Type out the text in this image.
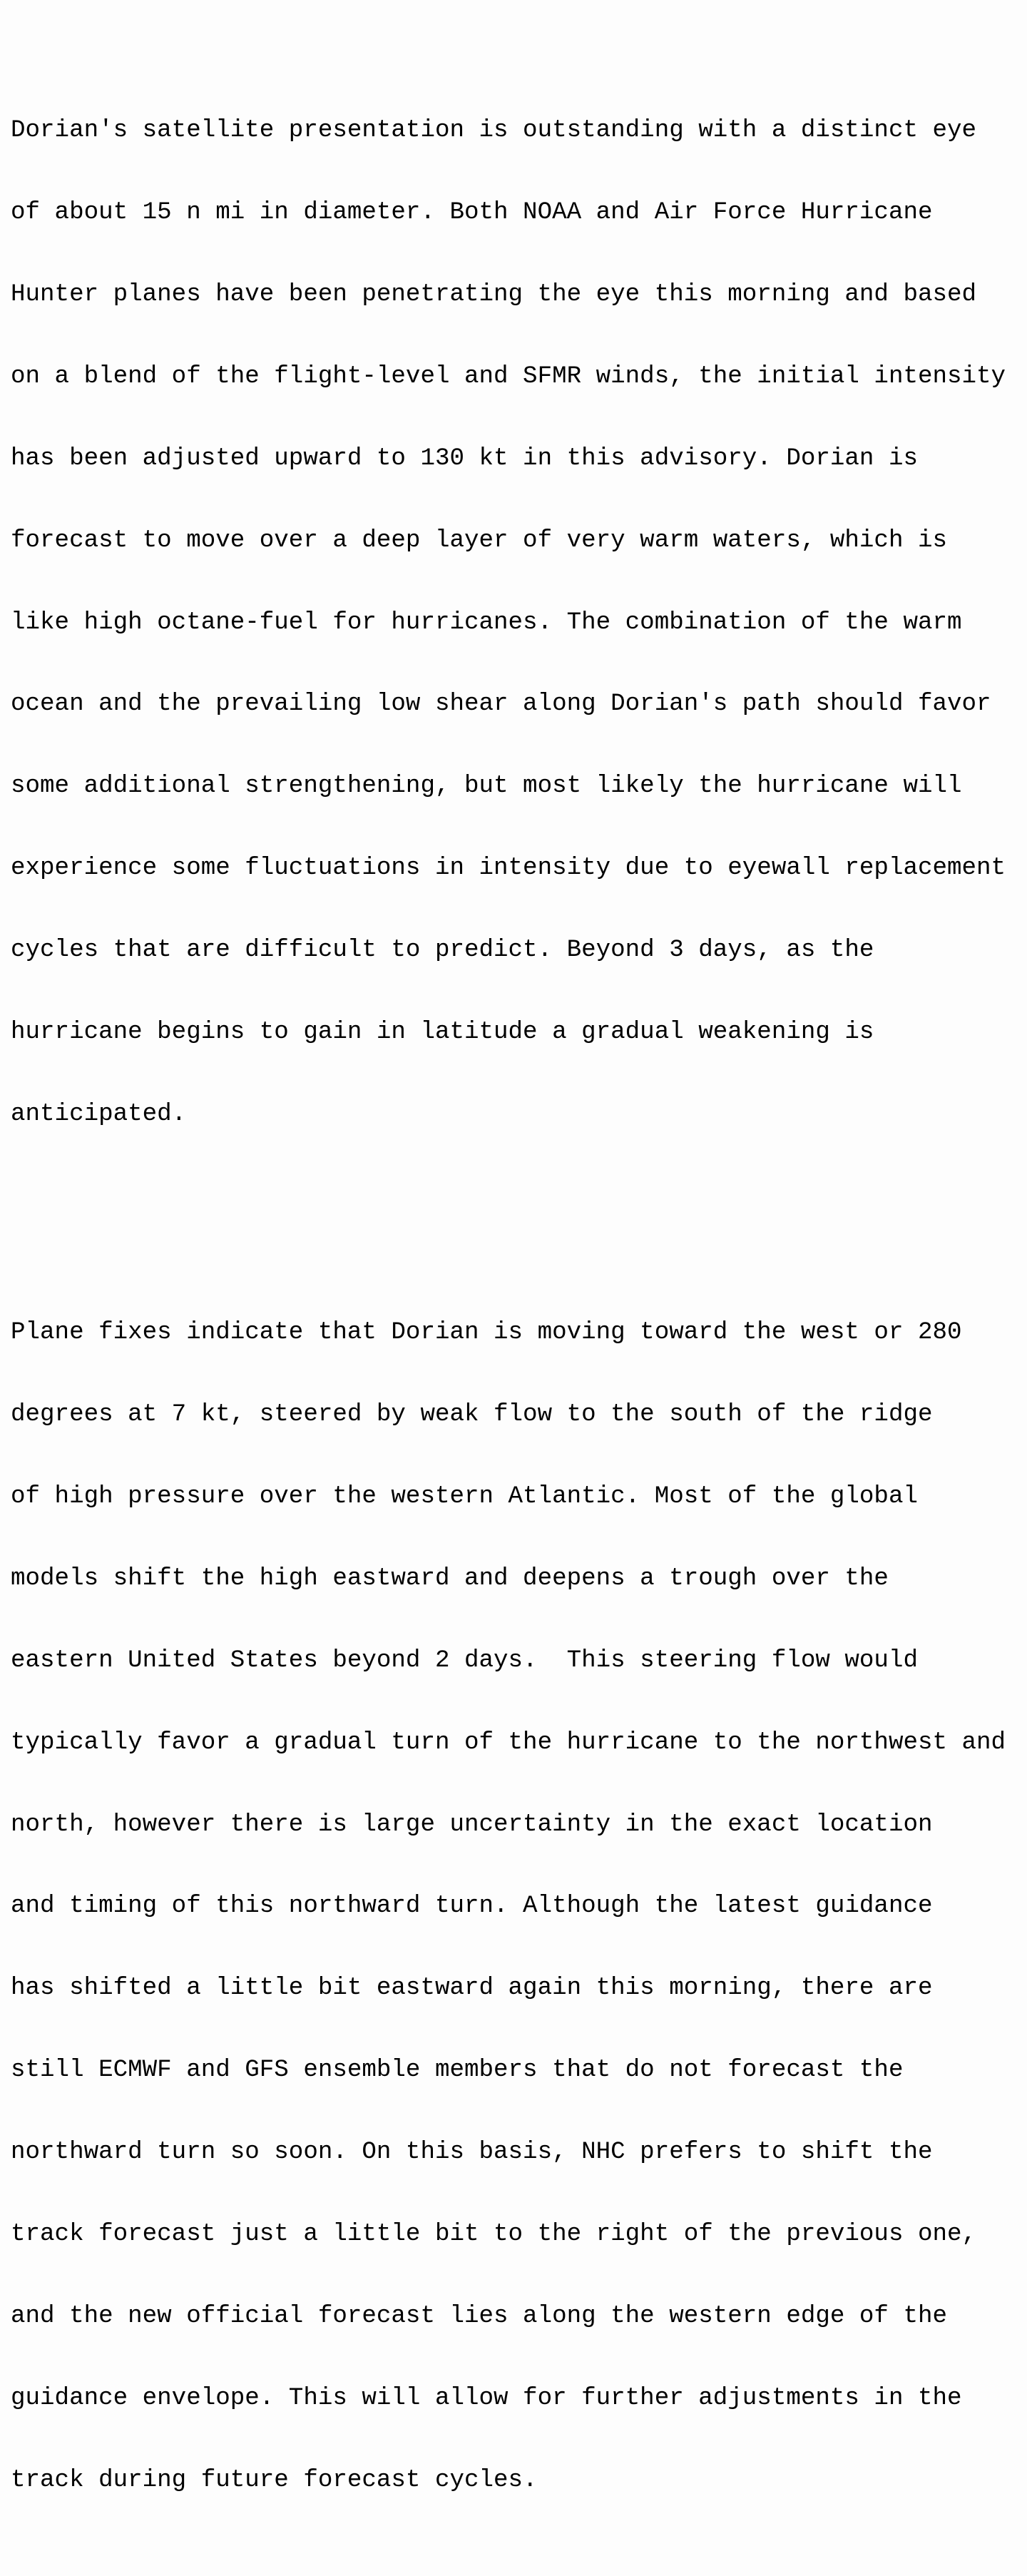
Dorian's satellite presentation is outstanding with a distinct eye

of about 15 n mi in diameter. Both NOAA and Air Force Hurricane

Hunter planes have been penetrating the eye this morning and based

on a blend of the flight-level and SFMR winds, the initial intensity

has been adjusted upward to 130 kt in this advisory. Dorian is

forecast to move over a deep layer of very warm waters, which is

like high octane-fuel for hurricanes. The combination of the warm

ocean and the prevailing low shear along Dorian's path should favor

some additional strengthening, but most likely the hurricane will

experience some fluctuations in intensity due to eyewall replacement

cycles that are difficult to predict. Beyond 3 days, as the

hurricane begins to gain in latitude a gradual weakening is

anticipated.

Plane fixes indicate that Dorian is moving toward the west or 280

degrees at 7 kt, steered by weak flow to the south of the ridge

of high pressure over the western Atlantic. Most of the global

models shift the high eastward and deepens a trough over the

eastern United States beyond 2 days.  This steering flow would

typically favor a gradual turn of the hurricane to the northwest and

north, however there is large uncertainty in the exact location

and timing of this northward turn. Although the latest guidance

has shifted a little bit eastward again this morning, there are

still ECMWF and GFS ensemble members that do not forecast the

northward turn so soon. On this basis, NHC prefers to shift the

track forecast just a little bit to the right of the previous one,

and the new official forecast lies along the western edge of the

guidance envelope. This will allow for further adjustments in the

track during future forecast cycles.
